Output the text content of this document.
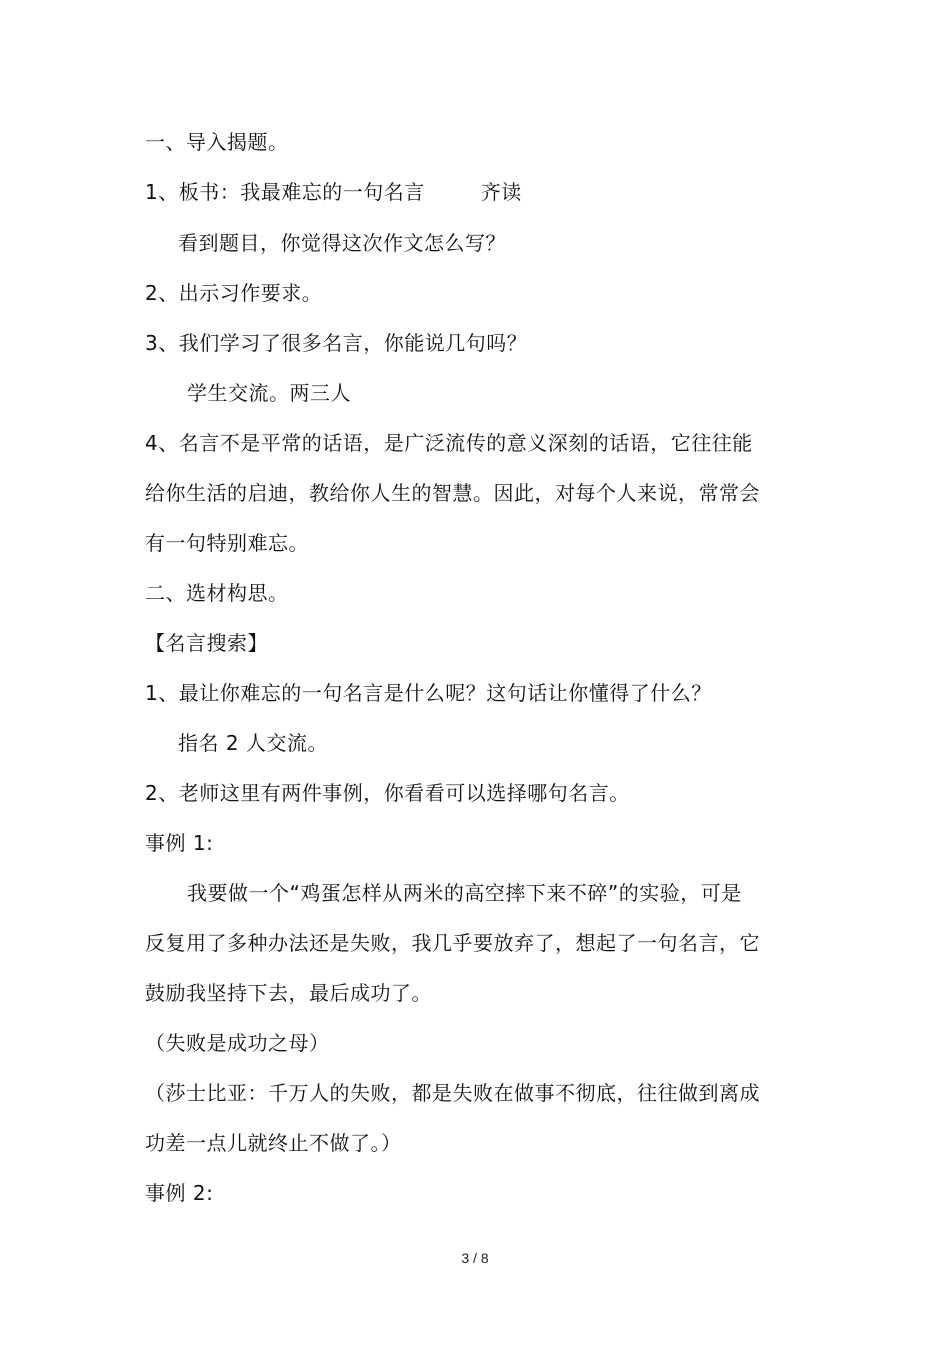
一、导入揭题。
1、板书：我最难忘的一句名言	齐读
看到题目，你觉得这次作文怎么写？
2、出示习作要求。
3、我们学习了很多名言，你能说几句吗？
学生交流。两三人
4、名言不是平常的话语，是广泛流传的意义深刻的话语，它往往能
给你生活的启迪，教给你人生的智慧。因此，对每个人来说，常常会
有一句特别难忘。
二、选材构思。
【名言搜索】
1、最让你难忘的一句名言是什么呢？这句话让你懂得了什么？
指名 2 人交流。
2、老师这里有两件事例，你看看可以选择哪句名言。
事例 1:
我要做一个“鸡蛋怎样从两米的高空摔下来不碎”的实验，可是
反复用了多种办法还是失败，我几乎要放弃了，想起了一句名言，它
鼓励我坚持下去，最后成功了。
（失败是成功之母）
（莎士比亚：千万人的失败，都是失败在做事不彻底，往往做到离成
功差一点儿就终止不做了。）
事例 2:
3 / 8
